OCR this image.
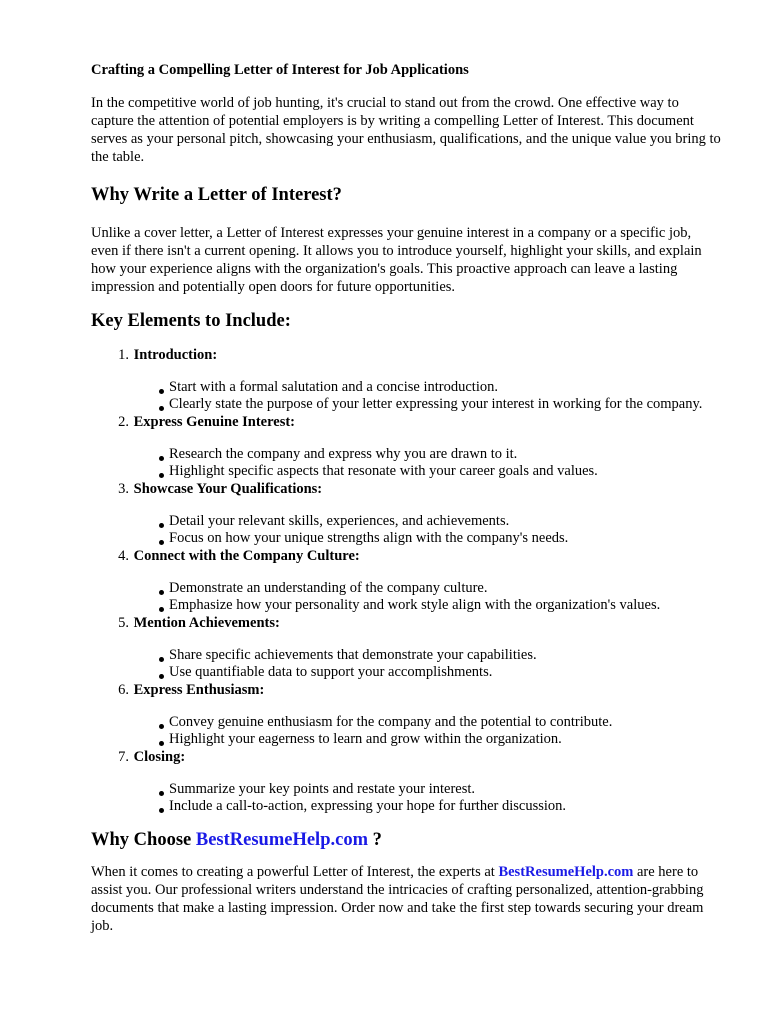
Crafting a Compelling Letter of Interest for Job Applications

In the competitive world of job hunting, it's crucial to stand out from the crowd. One effective way to capture the attention of potential employers is by writing a compelling Letter of Interest. This document serves as your personal pitch, showcasing your enthusiasm, qualifications, and the unique value you bring to the table.

Why Write a Letter of Interest?

Unlike a cover letter, a Letter of Interest expresses your genuine interest in a company or a specific job, even if there isn't a current opening. It allows you to introduce yourself, highlight your skills, and explain how your experience aligns with the organization's goals. This proactive approach can leave a lasting impression and potentially open doors for future opportunities.

Key Elements to Include:
1.
Introduction:
Start with a formal salutation and a concise introduction.
Clearly state the purpose of your letter expressing your interest in working for the company.
2.
Express Genuine Interest:
Research the company and express why you are drawn to it.
Highlight specific aspects that resonate with your career goals and values.
3.
Showcase Your Qualifications:
Detail your relevant skills, experiences, and achievements.
Focus on how your unique strengths align with the company's needs.
4.
Connect with the Company Culture:
Demonstrate an understanding of the company culture.
Emphasize how your personality and work style align with the organization's values.
5.
Mention Achievements:
Share specific achievements that demonstrate your capabilities.
Use quantifiable data to support your accomplishments.
6.
Express Enthusiasm:
Convey genuine enthusiasm for the company and the potential to contribute.
Highlight your eagerness to learn and grow within the organization.
7.
Closing:
Summarize your key points and restate your interest.
Include a call-to-action, expressing your hope for further discussion.
Why Choose BestResumeHelp.com ?

When it comes to creating a powerful Letter of Interest, the experts at BestResumeHelp.com are here to assist you. Our professional writers understand the intricacies of crafting personalized, attention-grabbing documents that make a lasting impression. Order now and take the first step towards securing your dream job.
